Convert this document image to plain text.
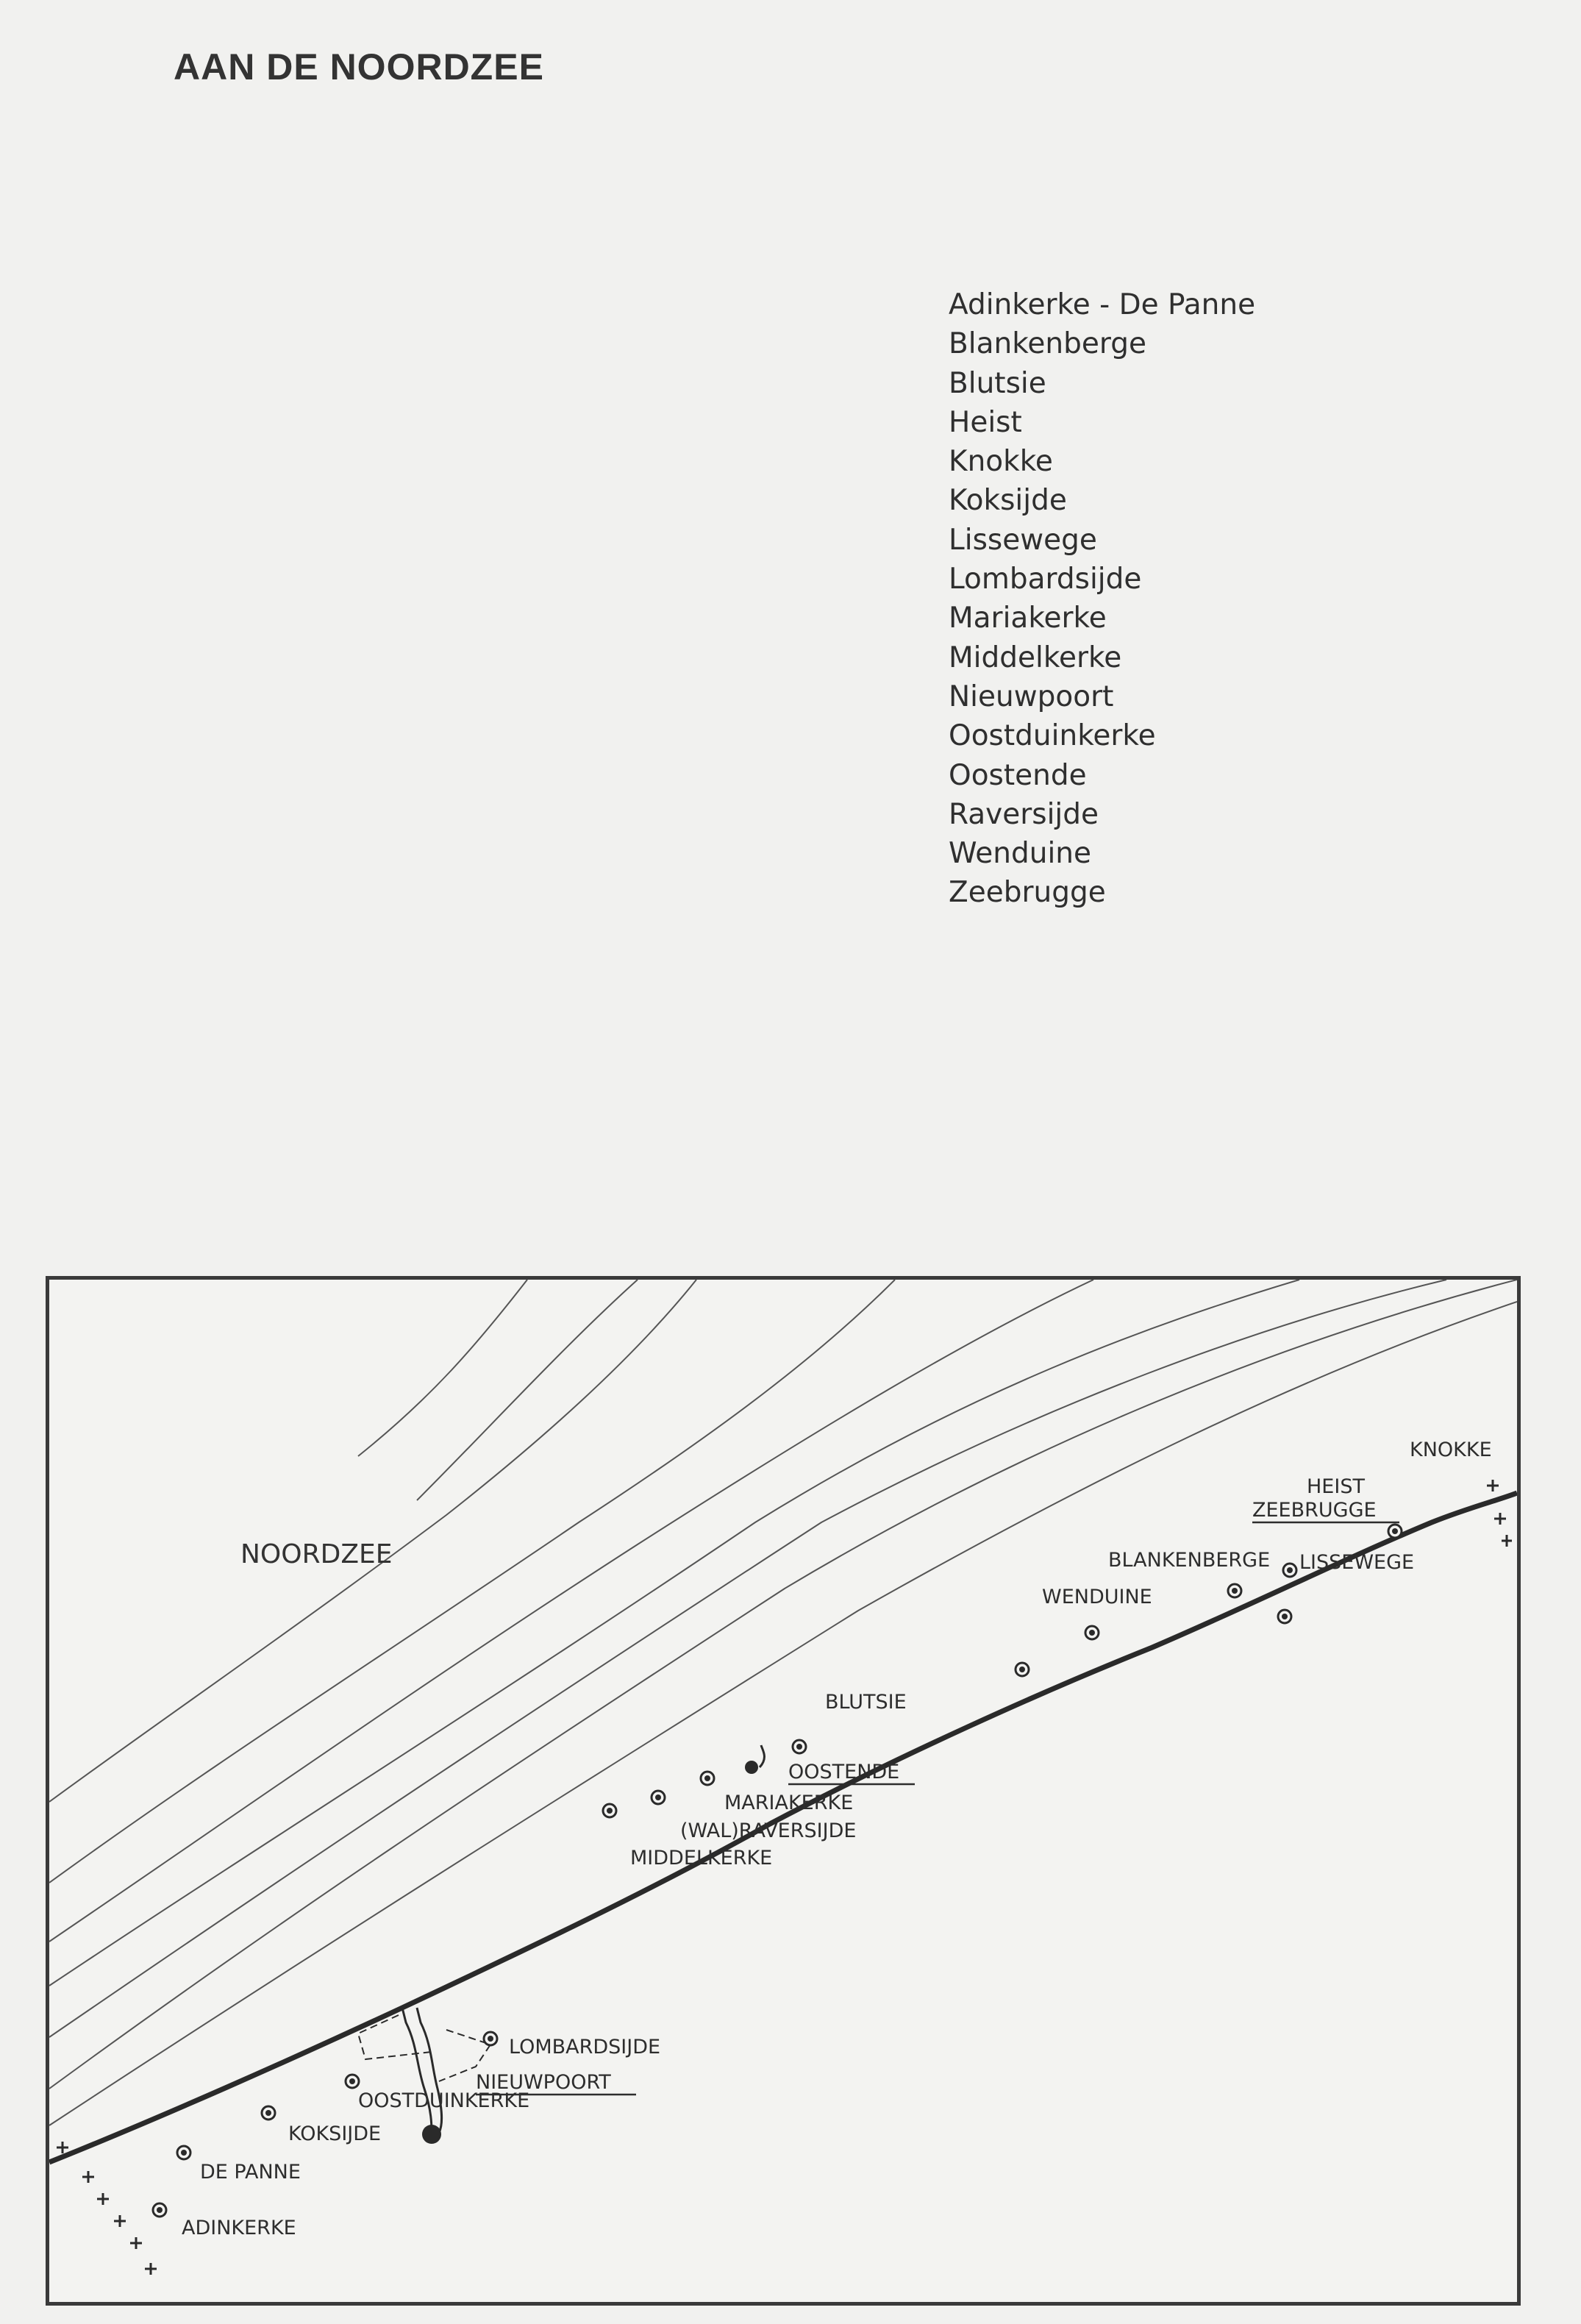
AAN DE NOORDZEE
Adinkerke - De Panne
Blankenberge
Blutsie
Heist
Knokke
Koksijde
Lissewege
Lombardsijde
Mariakerke
Middelkerke
Nieuwpoort
Oostduinkerke
Oostende
Raversijde
Wenduine
Zeebrugge
NOORDZEE
KNOKKE
HEIST
ZEEBRUGGE
LISSEWEGE
BLANKENBERGE
WENDUINE
BLUTSIE
OOSTENDE
MARIAKERKE
(WAL)RAVERSIJDE
MIDDELKERKE
LOMBARDSIJDE
NIEUWPOORT
OOSTDUINKERKE
KOKSIJDE
DE PANNE
ADINKERKE
